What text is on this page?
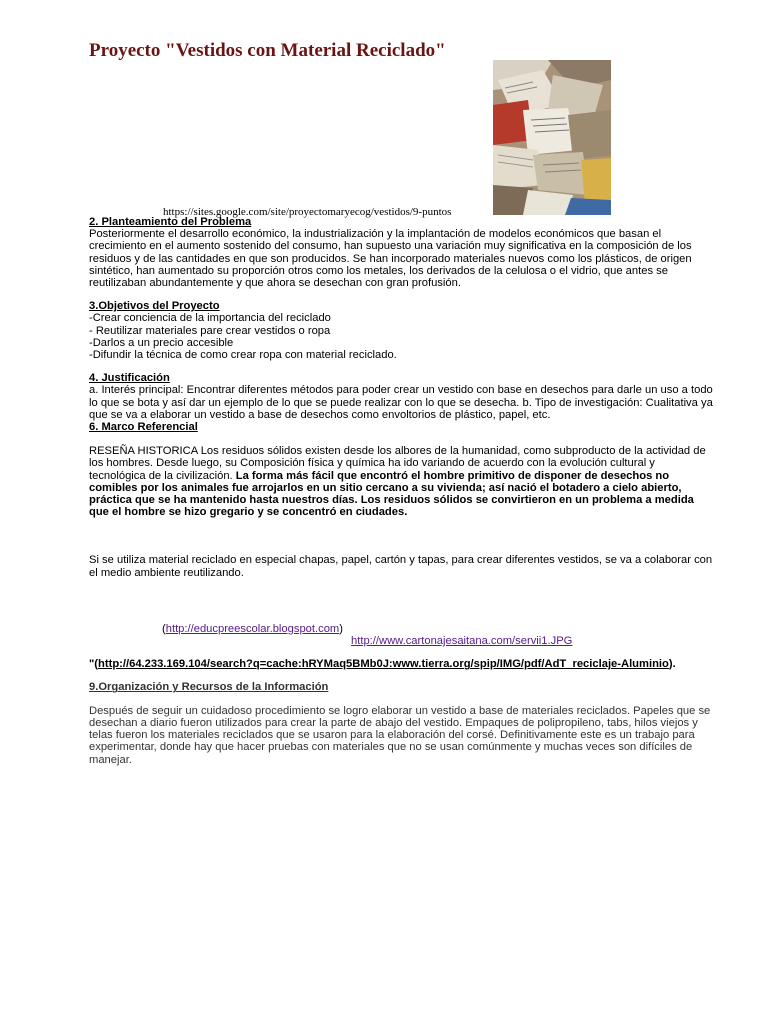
Proyecto "Vestidos con Material Reciclado"
https://sites.google.com/site/proyectomaryecog/vestidos/9-puntos
2. Planteamiento del Problema

Posteriormente el desarrollo económico, la industrialización y la implantación de modelos económicos que basan el crecimiento en el aumento sostenido del consumo, han supuesto una variación muy significativa en la composición de los residuos y de las cantidades en que son producidos. Se han incorporado materiales nuevos como los plásticos, de origen sintético, han aumentado su proporción otros como los metales, los derivados de la celulosa o el vidrio, que antes se reutilizaban abundantemente y que ahora se desechan con gran profusión.

3.Objetivos del Proyecto
-Crear conciencia de la importancia del reciclado
- Reutilizar materiales pare crear vestidos o ropa
-Darlos a un precio accesible
-Difundir la técnica de como crear ropa con material reciclado.
4. Justificación

a. Interés principal: Encontrar diferentes métodos para poder crear un vestido con base en desechos para darle un uso a todo lo que se bota y así dar un ejemplo de lo que se puede realizar con lo que se desecha. b. Tipo de investigación: Cualitativa ya que se va a elaborar un vestido a base de desechos como envoltorios de plástico, papel, etc.

6. Marco Referencial

RESEÑA HISTORICA Los residuos sólidos existen desde los albores de la humanidad, como subproducto de la actividad de los hombres. Desde luego, su Composición física y química ha ido variando de acuerdo con la evolución cultural y tecnológica de la civilización. La forma más fácil que encontró el hombre primitivo de disponer de desechos no comibles por los animales fue arrojarlos en un sitio cercano a su vivienda; así nació el botadero a cielo abierto, práctica que se ha mantenido hasta nuestros días. Los residuos sólidos se convirtieron en un problema a medida que el hombre se hizo gregario y se concentró en ciudades.

Si se utiliza material reciclado en especial chapas, papel, cartón y tapas, para crear diferentes vestidos, se va a colaborar con el medio ambiente reutilizando.

(http://educpreescolar.blogspot.com)
http://www.cartonajesaitana.com/servii1.JPG

"(http://64.233.169.104/search?q=cache:hRYMaq5BMb0J:www.tierra.org/spip/IMG/pdf/AdT_reciclaje-Aluminio).

9.Organización y Recursos de la Información

Después de seguir un cuidadoso procedimiento se logro elaborar un vestido a base de materiales reciclados. Papeles que se desechan a diario fueron utilizados para crear la parte de abajo del vestido. Empaques de polipropileno, tabs, hilos viejos y telas fueron los materiales reciclados que se usaron para la elaboración del corsé. Definitivamente este es un trabajo para experimentar, donde hay que hacer pruebas con materiales que no se usan comúnmente y muchas veces son difíciles de manejar.
